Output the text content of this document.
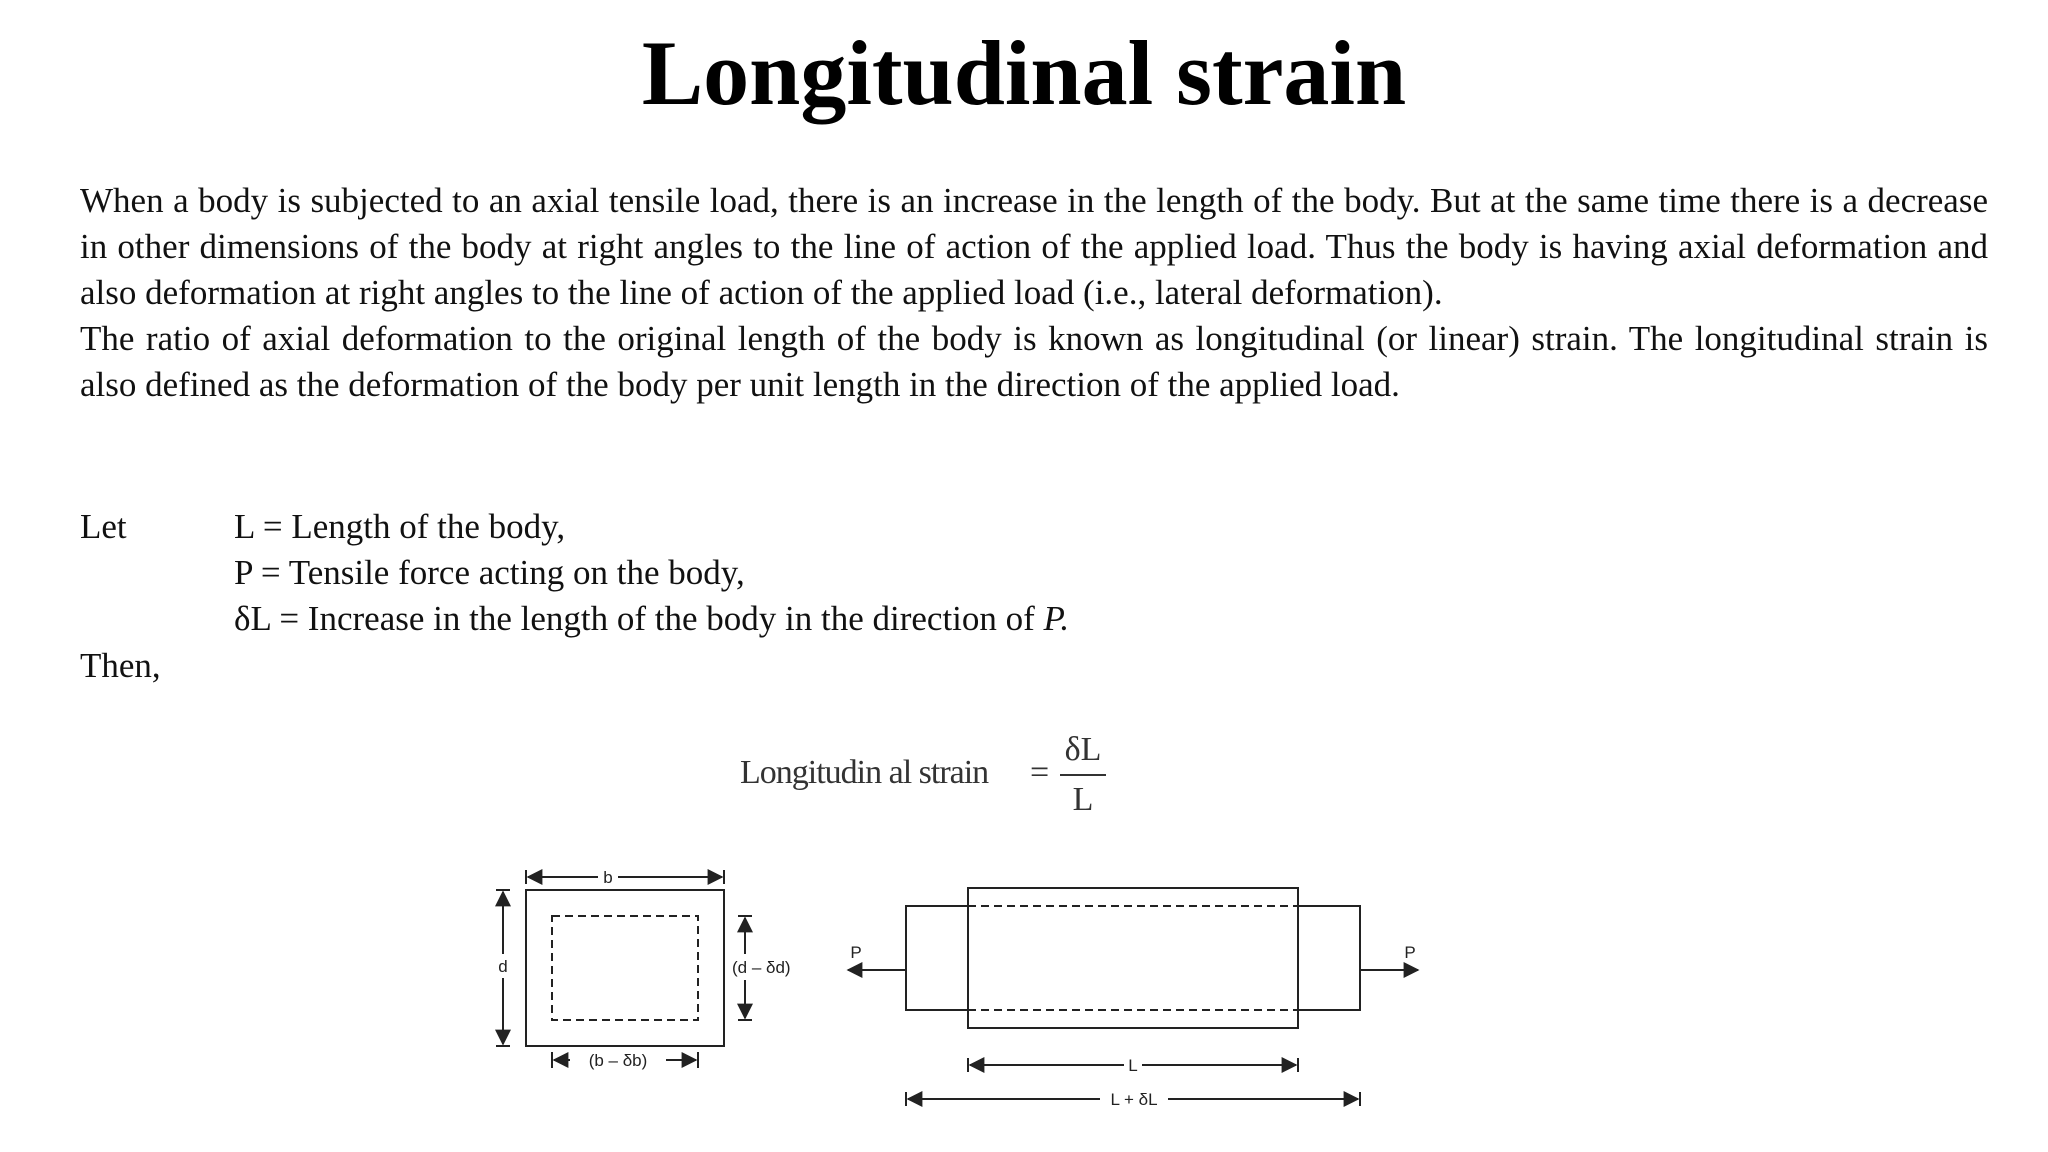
Longitudinal strain

When a body is subjected to an axial tensile load, there is an increase in the length of the body. But at the same time there is a decrease in other dimensions of the body at right angles to the line of action of the applied load. Thus the body is having axial deformation and also deformation at right angles to the line of action of the applied load (i.e., lateral deformation).

The ratio of axial deformation to the original length of the body is known as longitudinal (or linear) strain. The longitudinal strain is also defined as the deformation of the body per unit length in the direction of the applied load.

Let	L = Length of the body,
P = Tensile force acting on the body,
δL = Increase in the length of the body in the direction of P.
Then,
Longitudin al strain =
δL
L
b
d	(d – δd)
(b – δb)
P	P
L
L + δL
